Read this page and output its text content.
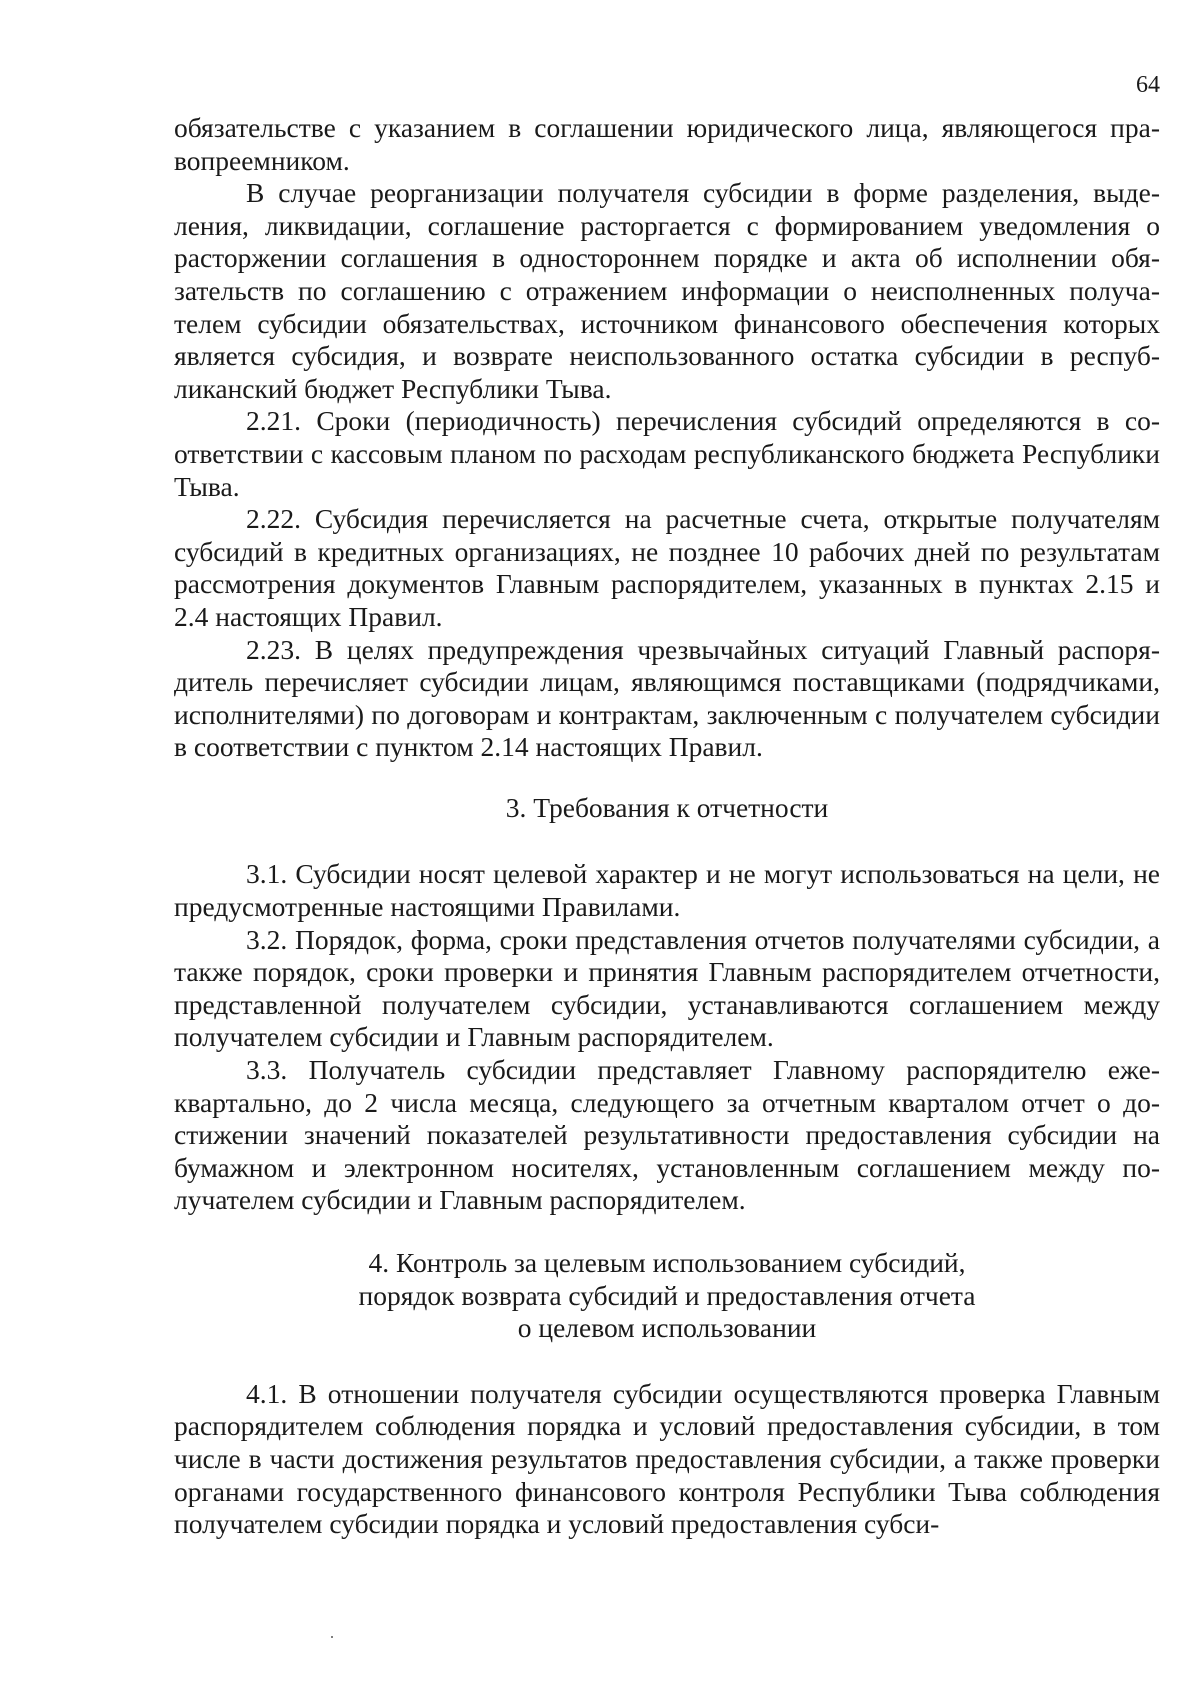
64

обязательстве с указанием в соглашении юридического лица, являющегося правопреемником.

В случае реорганизации получателя субсидии в форме разделения, выделения, ликвидации, соглашение расторгается с формированием уведомления о расторжении соглашения в одностороннем порядке и акта об исполнении обязательств по соглашению с отражением информации о неисполненных получателем субсидии обязательствах, источником финансового обеспечения которых является субсидия, и возврате неиспользованного остатка субсидии в республиканский бюджет Республики Тыва.

2.21. Сроки (периодичность) перечисления субсидий определяются в соответствии с кассовым планом по расходам республиканского бюджета Республики Тыва.

2.22. Субсидия перечисляется на расчетные счета, открытые получателям субсидий в кредитных организациях, не позднее 10 рабочих дней по результатам рассмотрения документов Главным распорядителем, указанных в пунктах 2.15 и 2.4 настоящих Правил.

2.23. В целях предупреждения чрезвычайных ситуаций Главный распорядитель перечисляет субсидии лицам, являющимся поставщиками (подрядчиками, исполнителями) по договорам и контрактам, заключенным с получателем субсидии в соответствии с пунктом 2.14 настоящих Правил.

3. Требования к отчетности

3.1. Субсидии носят целевой характер и не могут использоваться на цели, не предусмотренные настоящими Правилами.

3.2. Порядок, форма, сроки представления отчетов получателями субсидии, а также порядок, сроки проверки и принятия Главным распорядителем отчетности, представленной получателем субсидии, устанавливаются соглашением между получателем субсидии и Главным распорядителем.

3.3. Получатель субсидии представляет Главному распорядителю ежеквартально, до 2 числа месяца, следующего за отчетным кварталом отчет о достижении значений показателей результативности предоставления субсидии на бумажном и электронном носителях, установленным соглашением между получателем субсидии и Главным распорядителем.

4. Контроль за целевым использованием субсидий,
порядок возврата субсидий и предоставления отчета
о целевом использовании

4.1. В отношении получателя субсидии осуществляются проверка Главным распорядителем соблюдения порядка и условий предоставления субсидии, в том числе в части достижения результатов предоставления субсидии, а также проверки органами государственного финансового контроля Республики Тыва соблюдения получателем субсидии порядка и условий предоставления субси-
